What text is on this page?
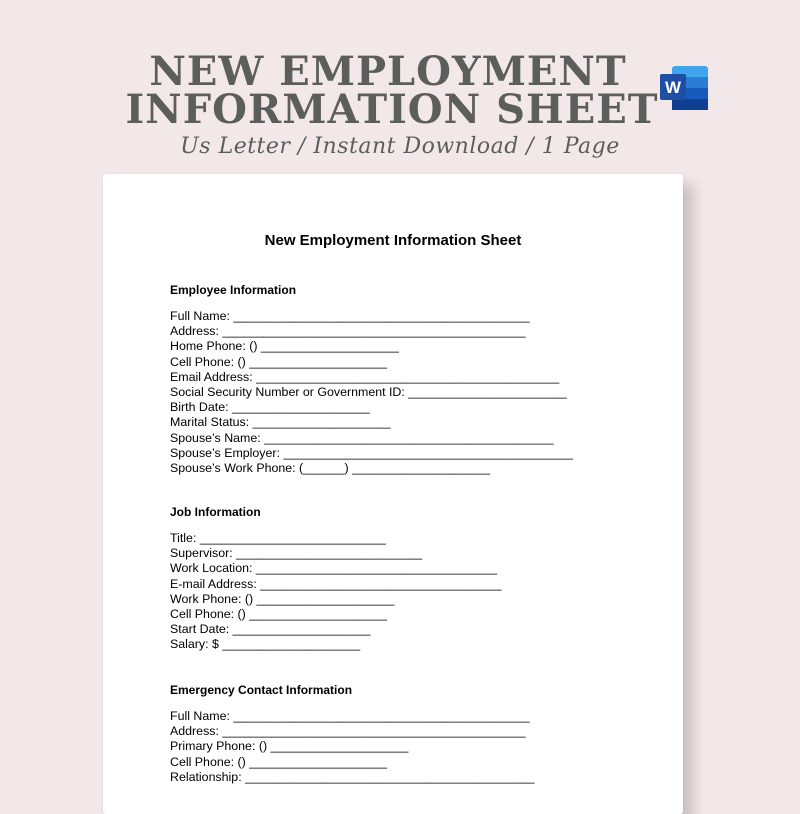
NEW EMPLOYMENT
INFORMATION SHEET
Us Letter / Instant Download / 1 Page
W
New Employment Information Sheet
Employee Information
Full Name: ___________________________________________
Address: ____________________________________________
Home Phone: () ____________________
Cell Phone: () ____________________
Email Address: ____________________________________________
Social Security Number or Government ID: _______________________
Birth Date: ____________________
Marital Status: ____________________
Spouse’s Name: __________________________________________
Spouse’s Employer: __________________________________________
Spouse’s Work Phone: (______) ____________________
Job Information
Title: ___________________________
Supervisor: ___________________________
Work Location: ___________________________________
E-mail Address: ___________________________________
Work Phone: () ____________________
Cell Phone: () ____________________
Start Date: ____________________
Salary: $ ____________________
Emergency Contact Information
Full Name: ___________________________________________
Address: ____________________________________________
Primary Phone: () ____________________
Cell Phone: () ____________________
Relationship: __________________________________________
